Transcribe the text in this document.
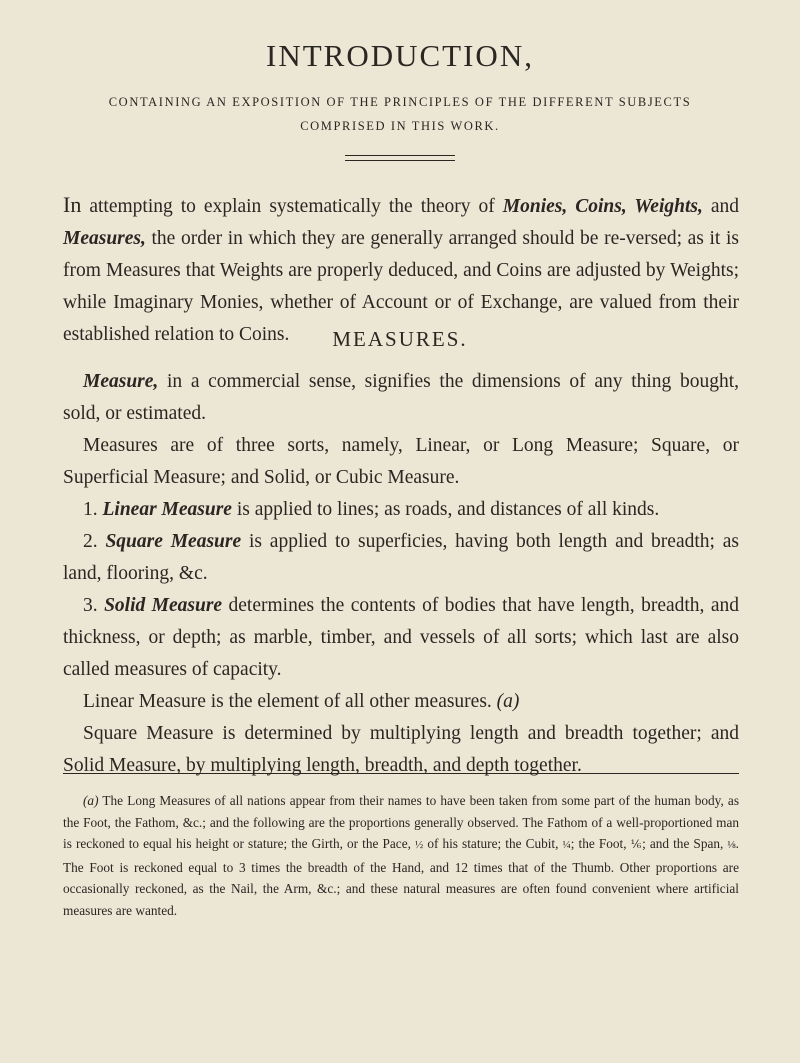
INTRODUCTION,
CONTAINING AN EXPOSITION OF THE PRINCIPLES OF THE DIFFERENT SUBJECTS
COMPRISED IN THIS WORK.

In attempting to explain systematically the theory of Monies, Coins, Weights, and Measures, the order in which they are generally arranged should be re-versed; as it is from Measures that Weights are properly deduced, and Coins are adjusted by Weights; while Imaginary Monies, whether of Account or of Exchange, are valued from their established relation to Coins.	MEASURES.

Measure, in a commercial sense, signifies the dimensions of any thing bought, sold, or estimated.

Measures are of three sorts, namely, Linear, or Long Measure; Square, or Superficial Measure; and Solid, or Cubic Measure.

1. Linear Measure is applied to lines; as roads, and distances of all kinds.

2. Square Measure is applied to superficies, having both length and breadth; as land, flooring, &c.

3. Solid Measure determines the contents of bodies that have length, breadth, and thickness, or depth; as marble, timber, and vessels of all sorts; which last are also called measures of capacity.

Linear Measure is the element of all other measures. (a)

Square Measure is determined by multiplying length and breadth together; and Solid Measure, by multiplying length, breadth, and depth together.

(a) The Long Measures of all nations appear from their names to have been taken from some part of the human body, as the Foot, the Fathom, &c.; and the following are the proportions generally observed. The Fathom of a well-proportioned man is reckoned to equal his height or stature; the Girth, or the Pace, ½ of his stature; the Cubit, ¼; the Foot, ⅙; and the Span, ⅛. The Foot is reckoned equal to 3 times the breadth of the Hand, and 12 times that of the Thumb. Other proportions are occasionally reckoned, as the Nail, the Arm, &c.; and these natural measures are often found convenient where artificial measures are wanted.
